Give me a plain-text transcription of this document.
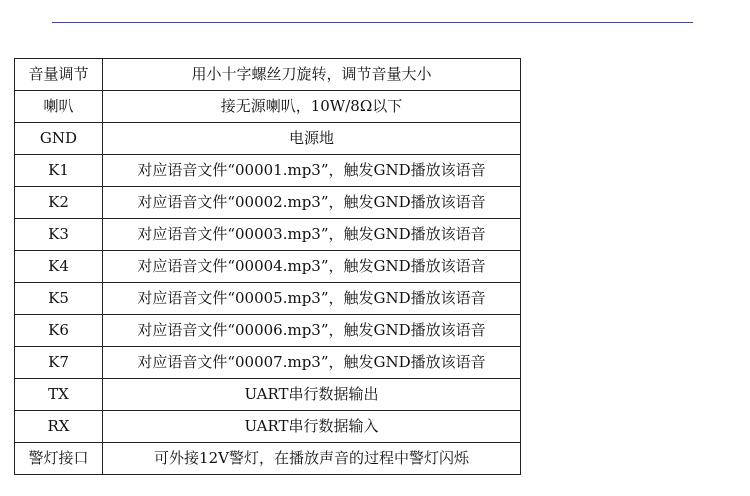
音量调节	用小十字螺丝刀旋转，调节音量大小
喇叭	接无源喇叭，10W/8Ω以下
GND	电源地
K1	对应语音文件“00001.mp3”，触发GND播放该语音
K2	对应语音文件“00002.mp3”，触发GND播放该语音
K3	对应语音文件“00003.mp3”，触发GND播放该语音
K4	对应语音文件“00004.mp3”，触发GND播放该语音
K5	对应语音文件“00005.mp3”，触发GND播放该语音
K6	对应语音文件“00006.mp3”，触发GND播放该语音
K7	对应语音文件“00007.mp3”，触发GND播放该语音
TX	UART串行数据输出
RX	UART串行数据输入
警灯接口	可外接12V警灯，在播放声音的过程中警灯闪烁
